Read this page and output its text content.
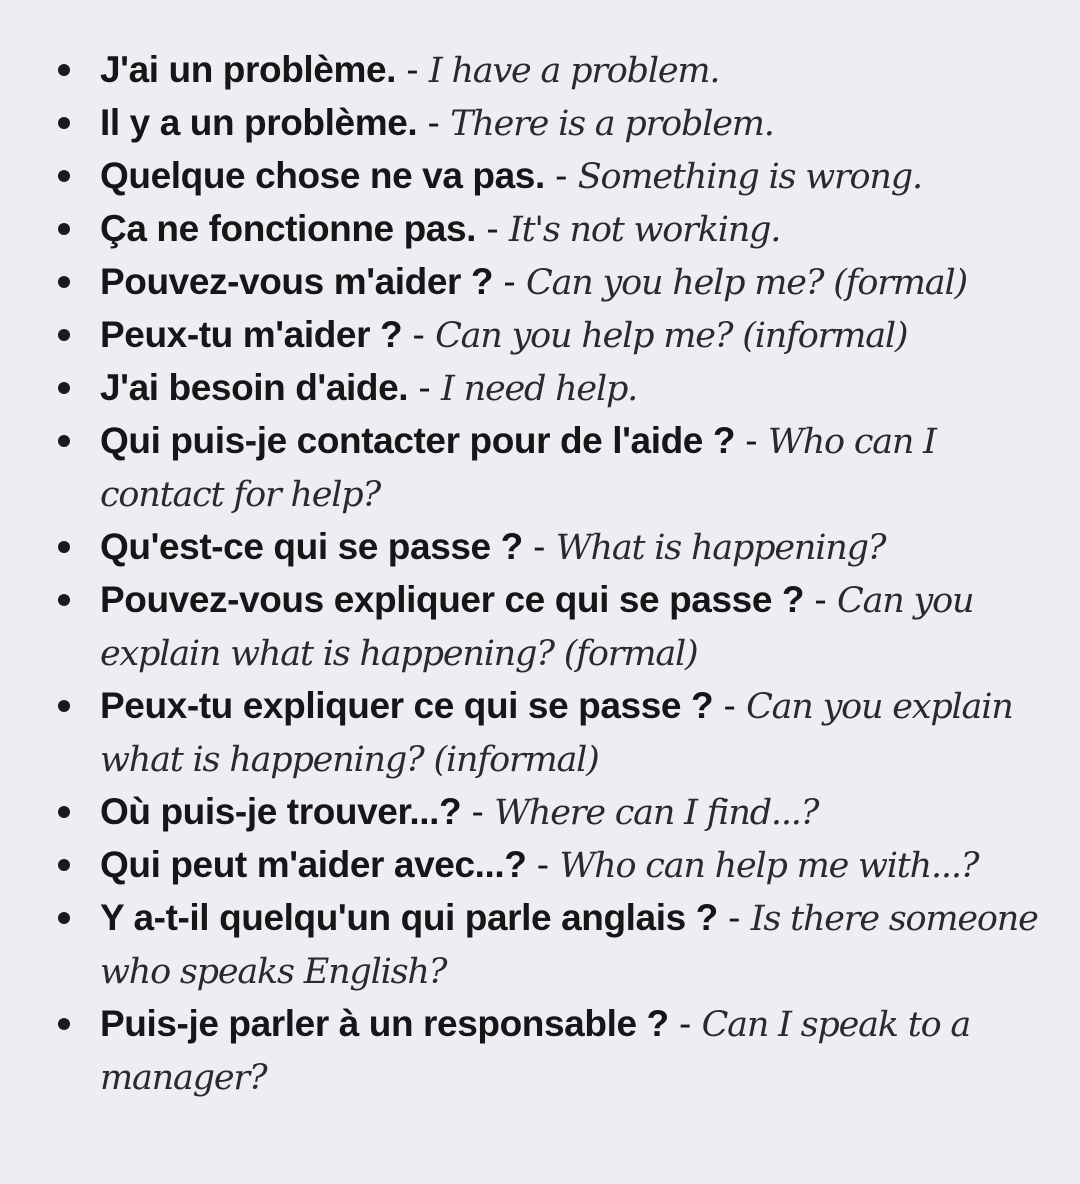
J'ai un problème. - I have a problem.
Il y a un problème. - There is a problem.
Quelque chose ne va pas. - Something is wrong.
Ça ne fonctionne pas. - It's not working.
Pouvez-vous m'aider ? - Can you help me? (formal)
Peux-tu m'aider ? - Can you help me? (informal)
J'ai besoin d'aide. - I need help.
Qui puis-je contacter pour de l'aide ? - Who can I contact for help?
Qu'est-ce qui se passe ? - What is happening?
Pouvez-vous expliquer ce qui se passe ? - Can you explain what is happening? (formal)
Peux-tu expliquer ce qui se passe ? - Can you explain what is happening? (informal)
Où puis-je trouver...? - Where can I find...?
Qui peut m'aider avec...? - Who can help me with...?
Y a-t-il quelqu'un qui parle anglais ? - Is there someone who speaks English?
Puis-je parler à un responsable ? - Can I speak to a manager?
